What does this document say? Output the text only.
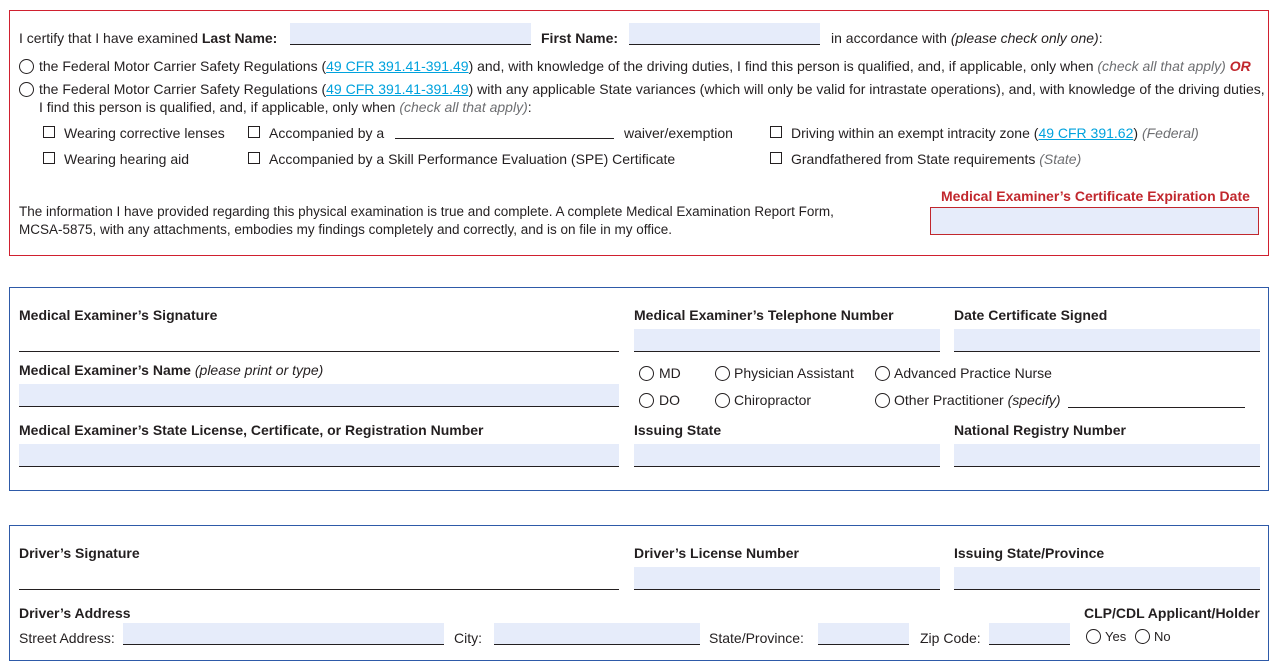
I certify that I have examined Last Name:	First Name:	in accordance with (please check only one):
the Federal Motor Carrier Safety Regulations (49 CFR 391.41-391.49) and, with knowledge of the driving duties, I find this person is qualified, and, if applicable, only when (check all that apply) OR
the Federal Motor Carrier Safety Regulations (49 CFR 391.41-391.49) with any applicable State variances (which will only be valid for intrastate operations), and, with knowledge of the driving duties,
I find this person is qualified, and, if applicable, only when (check all that apply):
Wearing corrective lenses	Accompanied by a	waiver/exemption	Driving within an exempt intracity zone (49 CFR 391.62) (Federal)
Wearing hearing aid	Accompanied by a Skill Performance Evaluation (SPE) Certificate	Grandfathered from State requirements (State)
The information I have provided regarding this physical examination is true and complete. A complete Medical Examination Report Form,
MCSA-5875, with any attachments, embodies my findings completely and correctly, and is on file in my office.
Medical Examiner’s Certificate Expiration Date
Medical Examiner’s Signature	Medical Examiner’s Telephone Number	Date Certificate Signed
Medical Examiner’s Name (please print or type)	MD	Physician Assistant	Advanced Practice Nurse
DO	Chiropractor	Other Practitioner (specify)
Medical Examiner’s State License, Certificate, or Registration Number	Issuing State	National Registry Number
Driver’s Signature	Driver’s License Number	Issuing State/Province
Driver’s Address
Street Address:	City:	State/Province:	Zip Code:
CLP/CDL Applicant/Holder
Yes No
